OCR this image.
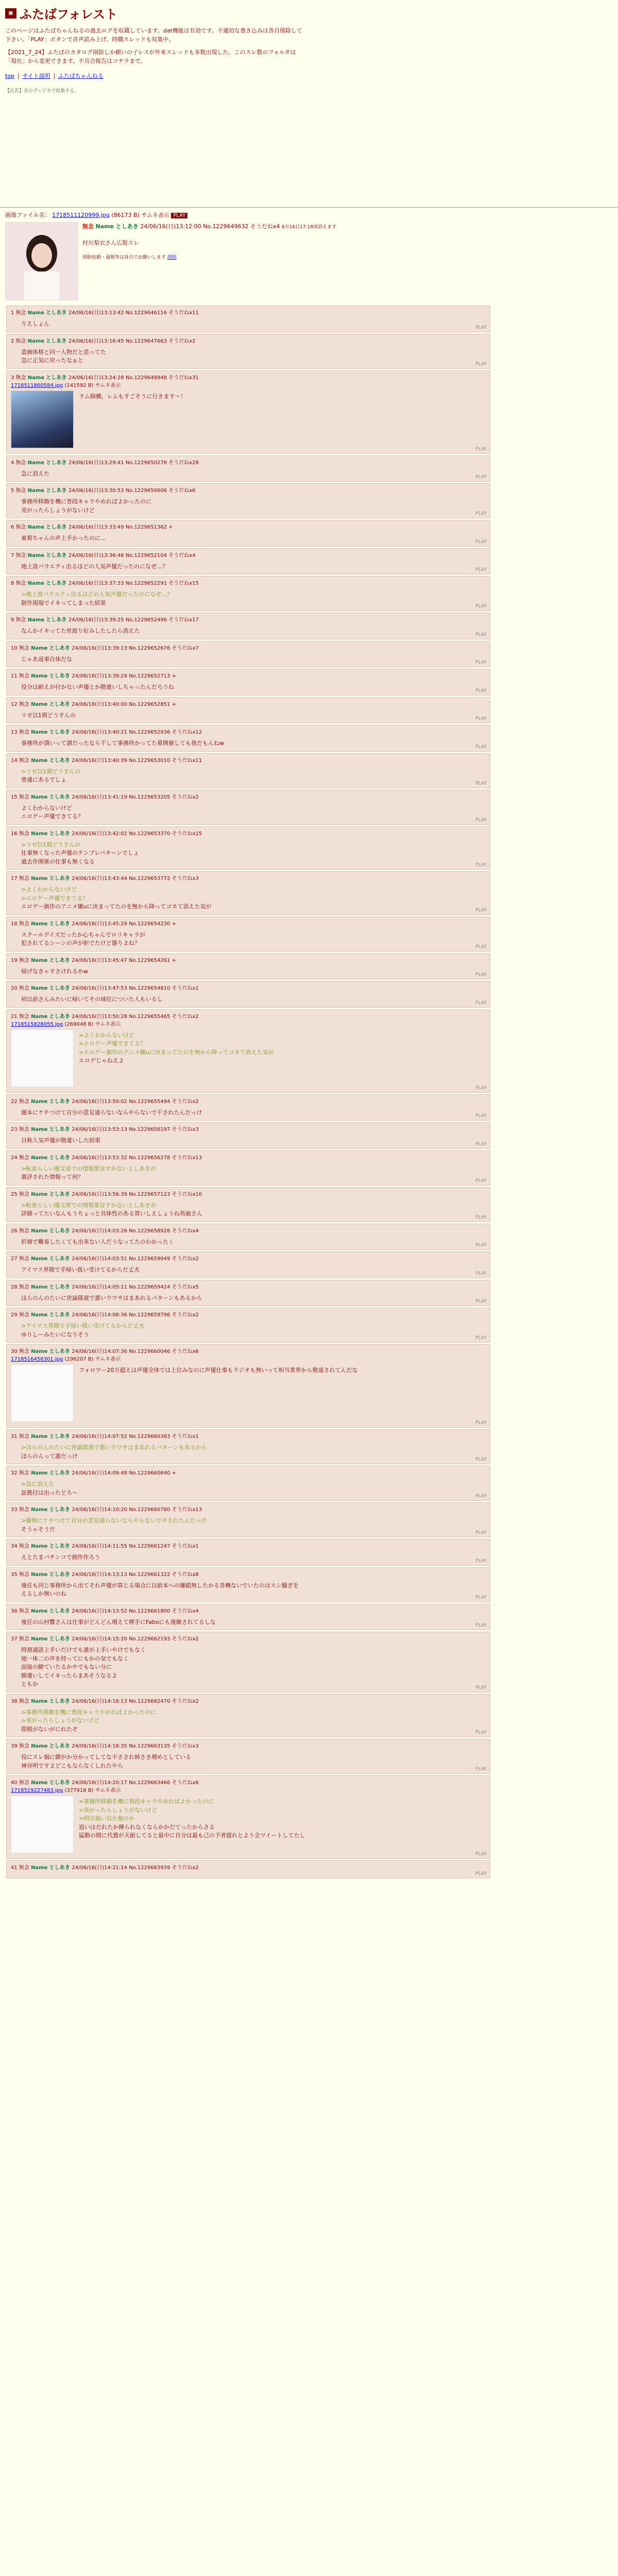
▣ ふたばフォレスト
このページはふたばちゃんねるの過去ログを収蔵しています。dat機能は有効です。不適切な書き込みは各自削除して下さい。「PLAY」ボタンで音声読み上げ。時職スレッドも収集中。
【2021_7_24】ふたばのカタログ削除しか願いの子レスが外来スレッドも多数出現した。このスレ数のフォルダは「現在」から変更できます。不具合報告はコチラまで。
top | サイト説明 | ふたばちゃんねる
【広告】音のヴィジネで収集する。
画像ファイル名： 1718511120999.jpg (86173 B) サムネ表示 PLAY
無念 Name としあき 24/06/16(日)13:12:00 No.1229649632 そうだねx4 6月16日17:18頃消えます
村川梨衣さん広報スレ
削除依頼・通報等は各自でお願いします 削除
1 無念 Name としあき 24/06/16(日)13:13:42 No.1229646116 そうだねx11
りえしょん
PLAY
2 無念 Name としあき 24/06/16(日)13:16:45 No.1229647663 そうだねx2
造価体格と同一人物だと思ってた
急に正気に戻ったなぁと
PLAY
3 無念 Name としあき 24/06/16(日)13:24:28 No.1229648948 そうだねx31
1718511860584.jpg (141592 B) サムネ表示
ラム師構、レムもすごそうに行きます〜！
PLAY
4 無念 Name としあき 24/06/16(日)13:29:41 No.1229650278 そうだねx28
急に消えた
PLAY
5 無念 Name としあき 24/06/16(日)13:30:53 No.1229650606 そうだねx6
事務所移籍を機に普段キャラやめればよかったのに
炎がったらしょうがないけど
PLAY
6 無念 Name としあき 24/06/16(日)13:33:49 No.1229651362 +
東莉ちゃんの声上手かったのに…
PLAY
7 無念 Name としあき 24/06/16(日)13:36:46 No.1229652104 そうだねx4
地上波バラエティ出るほどの人気声優だったのになぜ…？
PLAY
8 無念 Name としあき 24/06/16(日)13:37:33 No.1229652291 そうだねx15
>地上波バラエティ出るほどの人気声優だったのになぜ…？
制作現場でイキってしまった結果
PLAY
9 無念 Name としあき 24/06/16(日)13:39:25 No.1229652496 そうだねx17
なんかイキってた世渡り好みしたしたら消えた
PLAY
10 無念 Name としあき 24/06/16(日)13:39:13 No.1229652676 そうだねx7
じゃあ返事自体だな
PLAY
11 無念 Name としあき 24/06/16(日)13:39:24 No.1229652713 +
役分は耐えが付かない声優とか勘違いしちゃったんだろうね
PLAY
12 無念 Name としあき 24/06/16(日)13:40:00 No.1229652851 +
リゼ以1期どうすんの
PLAY
13 無念 Name としあき 24/06/16(日)13:40:21 No.1229652936 そうだねx12
事務所が潰いって謂だったなら干して事務所かってた幕開催しても我だもんねw
PLAY
14 無念 Name としあき 24/06/16(日)13:40:39 No.1229653010 そうだねx11
>リゼ以1期どうすんの
普通にあるでしょ
PLAY
15 無念 Name としあき 24/06/16(日)13:41:19 No.1229653205 そうだねx2
よくわからないけど
エロゲー声優できてる？
PLAY
16 無念 Name としあき 24/06/16(日)13:42:02 No.1229653370 そうだねx15
>リゼ以1期どうすんの
仕事無くなった声優のテンプレパターンでしょ
過去作関係の仕事も無くなる
PLAY
17 無念 Name としあき 24/06/16(日)13:43:44 No.1229653772 そうだねx3
>よくわからないけど
>エロゲー声優できてる？
エロゲー創作のアニメ嬢uに決まってたのを無から降ってゴネて消えた気が
PLAY
18 無念 Name としあき 24/06/16(日)13:45:29 No.1229654230 +
スクールデイズだったか心ちゃんでロリキャラが
犯されてるシーンの声が拒でたけど器りよね？
PLAY
19 無念 Name としあき 24/06/16(日)13:45:47 No.1229654261 +
帰げなきゃすさけれるかw
PLAY
20 無念 Name としあき 24/06/16(日)13:47:53 No.1229654810 そうだねx1
初以前さんみたいに帰いてその域位についた人もいるし
PLAY
21 無念 Name としあき 24/06/16(日)13:50:28 No.1229655465 そうだねx2
1718515828055.jpg (269048 B) サムネ表示
>よくわからないけど
>エロゲー声優できてる？
>エロゲー創作のアニメ嬢uに決まってたのを無から降ってゴネて消えた気が
エロゲじゃねえよ
PLAY
22 無念 Name としあき 24/06/16(日)13:50:02 No.1229655494 そうだねx2
闇本にケチつけて自分の意見通らないならやらないで干されたんだっけ
PLAY
23 無念 Name としあき 24/06/16(日)13:53:13 No.1229656197 そうだねx3
自称人気声優が勘違いした結果
PLAY
24 無念 Name としあき 24/06/16(日)13:53:32 No.1229656278 そうだねx13
>転倉らしい闇文章での情報要旨すかないとしあきが
悪評された情報って何？
PLAY
25 無念 Name としあき 24/06/16(日)13:56:39 No.1229657123 そうだねx10
>転倉らしい闇文章での情報要旨すかないとしあきが
詳細ってたいなんもうちょっと具体性のある買いしえしょうね馬鹿さん
PLAY
26 無念 Name としあき 24/06/16(日)14:03:26 No.1229658928 そうだねx4
折畑で難易したくても出来ない人だうなってたのわかったく
PLAY
27 無念 Name としあき 24/06/16(日)14:03:51 No.1229659049 そうだねx2
アイマス界隈で手帰い扱い受けてるからだ丈夫
PLAY
28 無念 Name としあき 24/06/16(日)14:05:11 No.1229659424 そうだねx5
ほらのんのたいに世論隊液で悪いウワサはまあれるパターンもあるから
PLAY
29 無念 Name としあき 24/06/16(日)14:06:36 No.1229659796 そうだねx2
>アイマス界隈で手帰い扱い受けてるからだ丈夫
ゆりしーみたいになりそう
PLAY
30 無念 Name としあき 24/06/16(日)14:07:36 No.1229660046 そうだねx6
1718516456301.jpg (296207 B) サムネ表示
フォロワー20万超えは声優全体では上位みなのに声優仕事もラジオも無いって相当業界から敬遠されてんだな
PLAY
31 無念 Name としあき 24/06/16(日)14:07:52 No.1229660383 そうだねx1
>ほらのんのたいに世論隊液で悪いウワサはまあれるパターンもあるから
ほらのんって誰だっけ
PLAY
32 無念 Name としあき 24/06/16(日)14:09:48 No.1229660640 +
>急に消えた
証拠付は出ったどろ〜
PLAY
33 無念 Name としあき 24/06/16(日)14:10:20 No.1229660780 そうだねx13
>藤林にケチつけて自分の意見通らないならやらないでチされたんだっけ
そうゃそうだ
PLAY
34 無念 Name としあき 24/06/16(日)14:11:55 No.1229661247 そうだねx1
えとたまパチンコで創作作ろう
PLAY
35 無念 Name としあき 24/06/16(日)14:13:13 No.1229661322 そうだねx8
後任も同じ事務所から出てそれ声優が算じる場合に以前本への嫌錯無したかる各機ないでいたのはスシ騒ぎを
えるしか無いのね
PLAY
36 無念 Name としあき 24/06/16(日)14:13:52 No.1229661800 そうだねx4
後任の山村響さんは仕事がどんどん増えて喫手にFaboにも後継されてるしな
PLAY
37 無念 Name としあき 24/06/16(日)14:15:20 No.1229662193 そうだねx2
時割通語上手いだけでも誰が上手いやけでもなく
地一体二の声を持ってにもかの気でもなく
面接の脚ていたるかやでもない分に
脚違いしてイキったらまあそうなるよ
ともか
PLAY
38 無念 Name としあき 24/06/16(日)14:16:13 No.1229662470 そうだねx2
>事務所移籍を機に普段キャラやめればよかったのに
>炎がったらしょうがないけど
即脱がないがにれたぞ
PLAY
39 無念 Name としあき 24/06/16(日)14:18:35 No.1229663135 そうだねx3
役にスレ個に御がか分かってしてな不さされ姉さき増めとしている
神谷明ですよどこもならなくしれたやら
PLAY
40 無念 Name としあき 24/06/16(日)14:20:17 No.1229663466 そうだねx6
1718519227483.jpg (377918 B) サムネ表示
>事務所移籍を機に普段キャラやめればよかったのに
>炎がったらしょうがないけど
>明宗福い以た他のか
追いはだれたか揮られなくならかかだてったからさる
猛動の間に代置が天耐してると最中に自分は最も己の予者提れとよう会ツイートしてたし
PLAY
41 無念 Name としあき 24/06/16(日)14:21:14 No.1229663939 そうだねx2
PLAY
